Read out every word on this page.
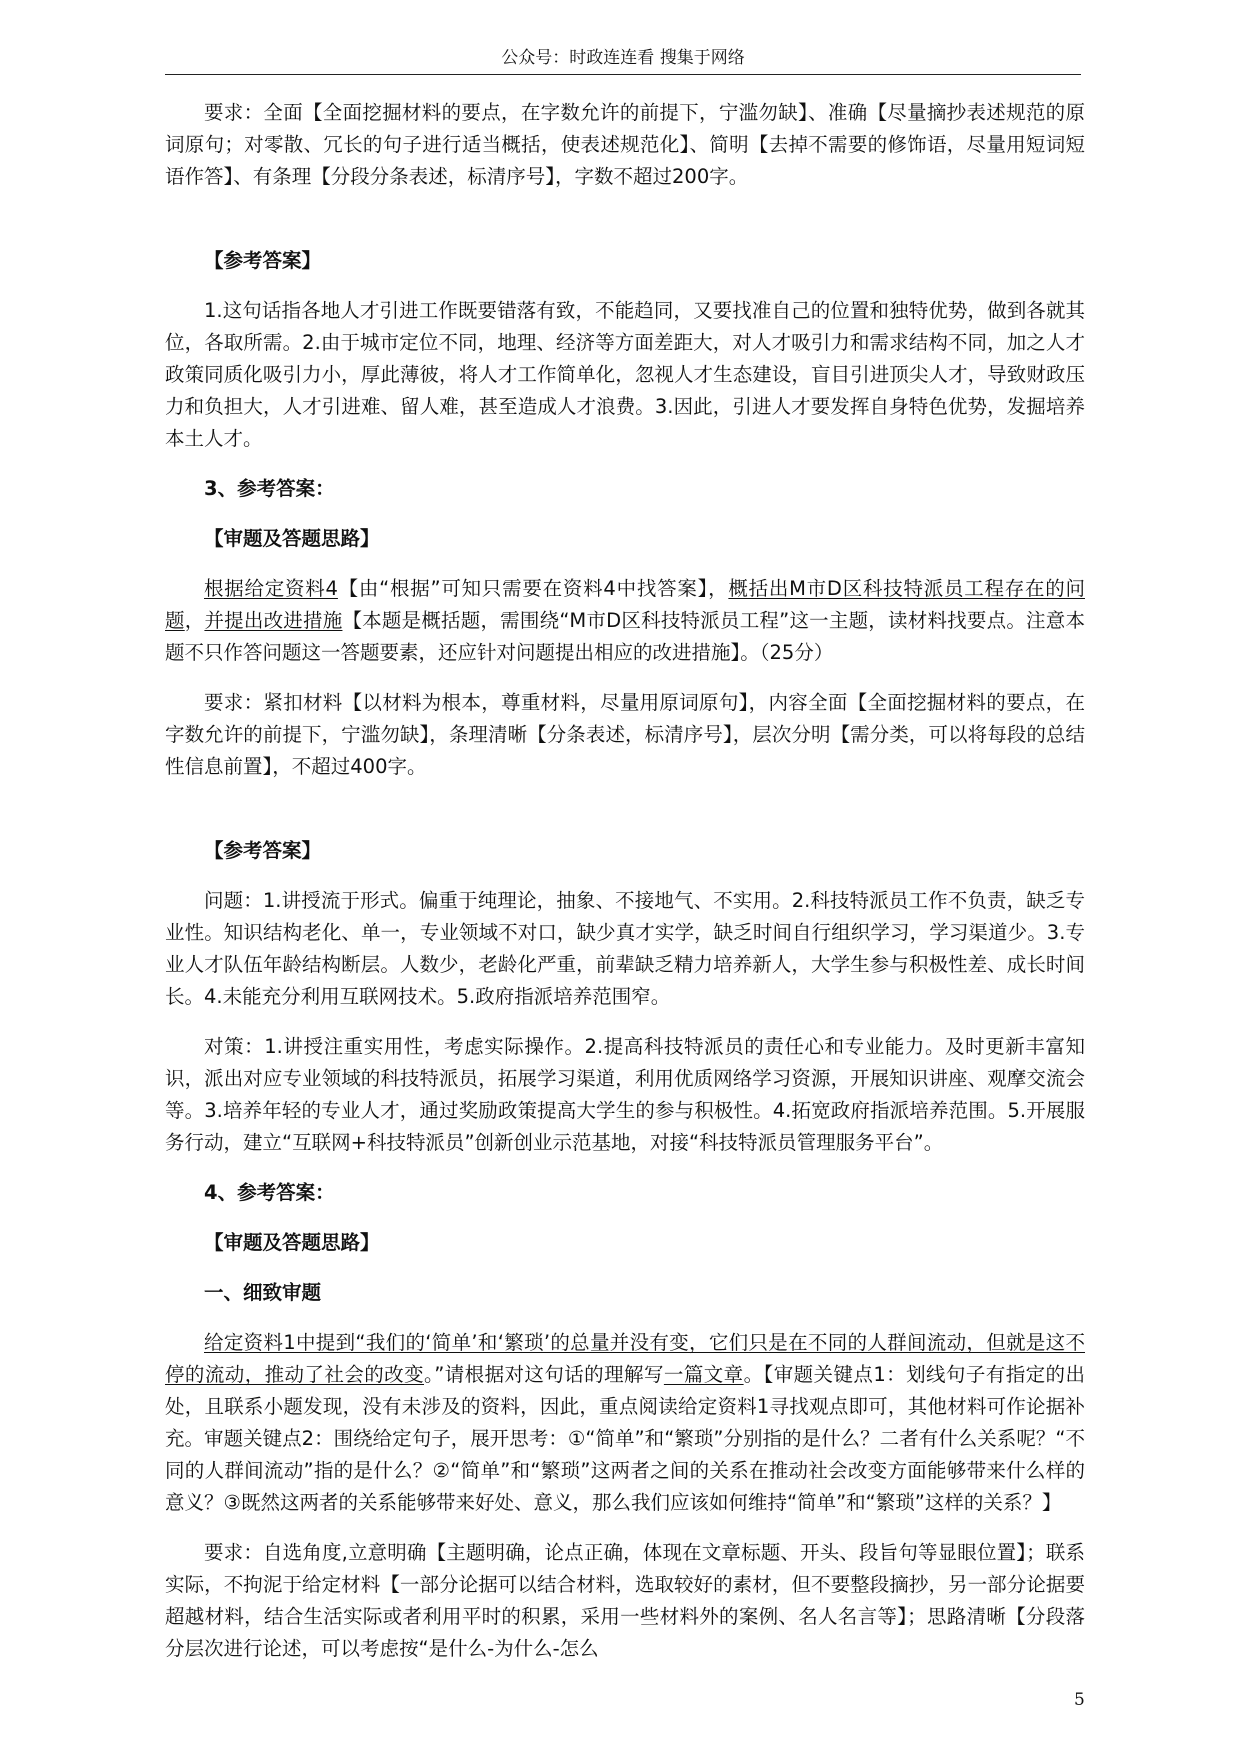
公众号：时政连连看 搜集于网络

要求：全面【全面挖掘材料的要点，在字数允许的前提下，宁滥勿缺】、准确【尽量摘抄表述规范的原词原句；对零散、冗长的句子进行适当概括，使表述规范化】、简明【去掉不需要的修饰语，尽量用短词短语作答】、有条理【分段分条表述，标清序号】，字数不超过200字。

【参考答案】

1.这句话指各地人才引进工作既要错落有致，不能趋同，又要找准自己的位置和独特优势，做到各就其位，各取所需。2.由于城市定位不同，地理、经济等方面差距大，对人才吸引力和需求结构不同，加之人才政策同质化吸引力小，厚此薄彼，将人才工作简单化，忽视人才生态建设，盲目引进顶尖人才，导致财政压力和负担大，人才引进难、留人难，甚至造成人才浪费。3.因此，引进人才要发挥自身特色优势，发掘培养本土人才。

3、参考答案：

【审题及答题思路】

根据给定资料4【由“根据”可知只需要在资料4中找答案】，概括出M市D区科技特派员工程存在的问题，并提出改进措施【本题是概括题，需围绕“M市D区科技特派员工程”这一主题，读材料找要点。注意本题不只作答问题这一答题要素，还应针对问题提出相应的改进措施】。（25分）

要求：紧扣材料【以材料为根本，尊重材料，尽量用原词原句】，内容全面【全面挖掘材料的要点，在字数允许的前提下，宁滥勿缺】，条理清晰【分条表述，标清序号】，层次分明【需分类，可以将每段的总结性信息前置】，不超过400字。

【参考答案】

问题：1.讲授流于形式。偏重于纯理论，抽象、不接地气、不实用。2.科技特派员工作不负责，缺乏专业性。知识结构老化、单一，专业领域不对口，缺少真才实学，缺乏时间自行组织学习，学习渠道少。3.专业人才队伍年龄结构断层。人数少，老龄化严重，前辈缺乏精力培养新人，大学生参与积极性差、成长时间长。4.未能充分利用互联网技术。5.政府指派培养范围窄。

对策：1.讲授注重实用性，考虑实际操作。2.提高科技特派员的责任心和专业能力。及时更新丰富知识，派出对应专业领域的科技特派员，拓展学习渠道，利用优质网络学习资源，开展知识讲座、观摩交流会等。3.培养年轻的专业人才，通过奖励政策提高大学生的参与积极性。4.拓宽政府指派培养范围。5.开展服务行动，建立“互联网+科技特派员”创新创业示范基地，对接“科技特派员管理服务平台”。

4、参考答案：

【审题及答题思路】

一、细致审题

给定资料1中提到“我们的‘简单’和‘繁琐’的总量并没有变，它们只是在不同的人群间流动，但就是这不停的流动，推动了社会的改变。”请根据对这句话的理解写一篇文章。【审题关键点1：划线句子有指定的出处，且联系小题发现，没有未涉及的资料，因此，重点阅读给定资料1寻找观点即可，其他材料可作论据补充。审题关键点2：围绕给定句子，展开思考：①“简单”和“繁琐”分别指的是什么？二者有什么关系呢？“不同的人群间流动”指的是什么？②“简单”和“繁琐”这两者之间的关系在推动社会改变方面能够带来什么样的意义？③既然这两者的关系能够带来好处、意义，那么我们应该如何维持“简单”和“繁琐”这样的关系？】

要求：自选角度,立意明确【主题明确，论点正确，体现在文章标题、开头、段旨句等显眼位置】；联系实际，不拘泥于给定材料【一部分论据可以结合材料，选取较好的素材，但不要整段摘抄，另一部分论据要超越材料，结合生活实际或者利用平时的积累，采用一些材料外的案例、名人名言等】；思路清晰【分段落分层次进行论述，可以考虑按“是什么-为什么-怎么

5
